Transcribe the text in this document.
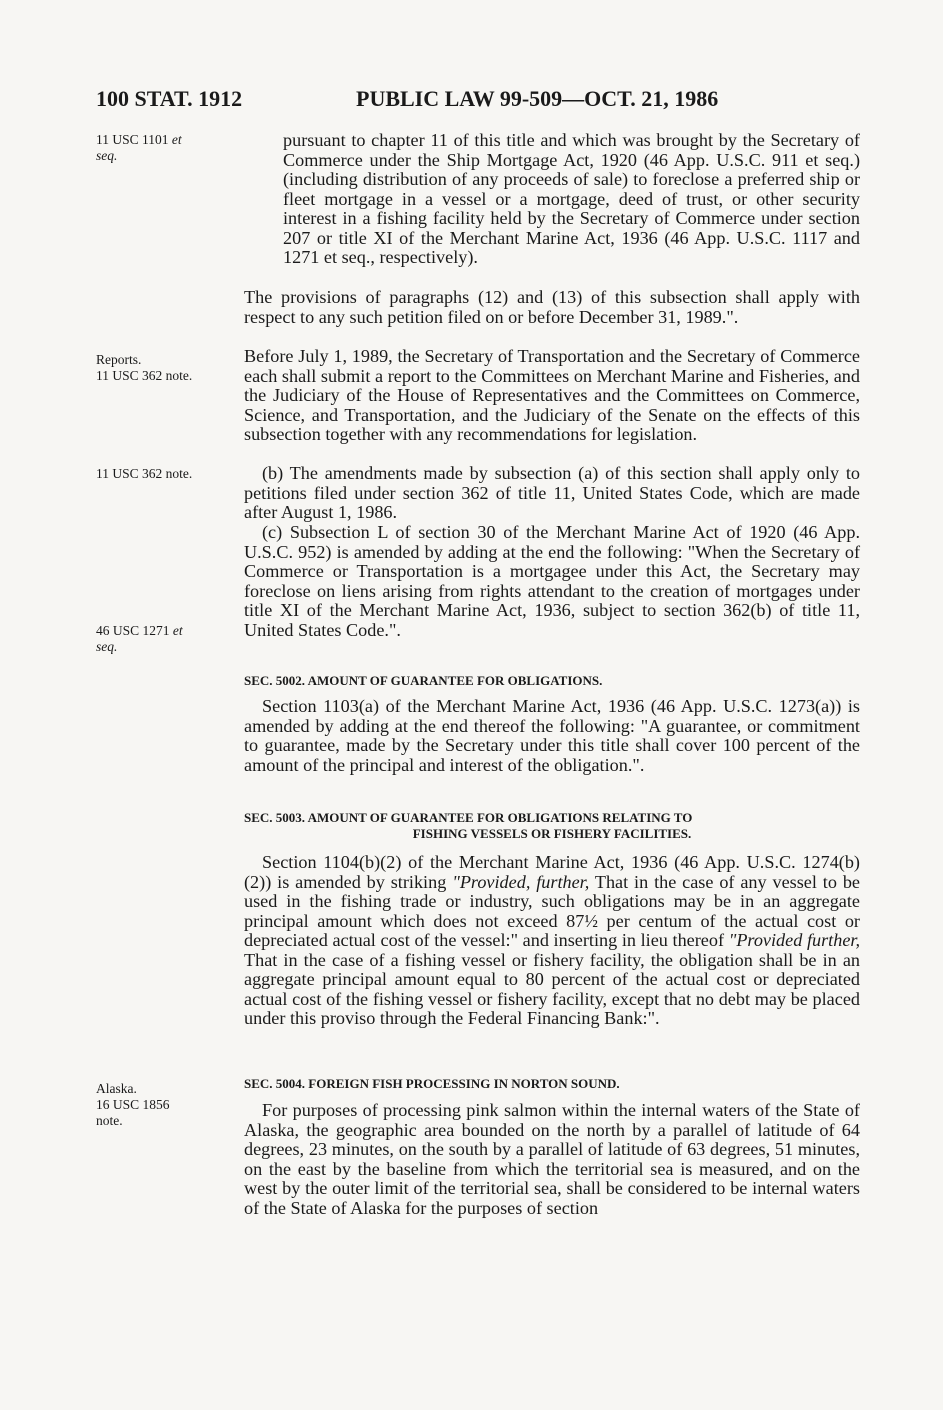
100 STAT. 1912	PUBLIC LAW 99-509—OCT. 21, 1986
11 USC 1101 et
seq.
Reports.
11 USC 362 note.
11 USC 362 note.
46 USC 1271 et
seq.
Alaska.
16 USC 1856
note.

pursuant to chapter 11 of this title and which was brought by the Secretary of Commerce under the Ship Mortgage Act, 1920 (46 App. U.S.C. 911 et seq.) (including distribution of any proceeds of sale) to foreclose a preferred ship or fleet mortgage in a vessel or a mortgage, deed of trust, or other security interest in a fishing facility held by the Secretary of Commerce under section 207 or title XI of the Merchant Marine Act, 1936 (46 App. U.S.C. 1117 and 1271 et seq., respectively).

The provisions of paragraphs (12) and (13) of this subsection shall apply with respect to any such petition filed on or before December 31, 1989.".

Before July 1, 1989, the Secretary of Transportation and the Secretary of Commerce each shall submit a report to the Committees on Merchant Marine and Fisheries, and the Judiciary of the House of Representatives and the Committees on Commerce, Science, and Transportation, and the Judiciary of the Senate on the effects of this subsection together with any recommendations for legislation.

(b) The amendments made by subsection (a) of this section shall apply only to petitions filed under section 362 of title 11, United States Code, which are made after August 1, 1986.

(c) Subsection L of section 30 of the Merchant Marine Act of 1920 (46 App. U.S.C. 952) is amended by adding at the end the following: "When the Secretary of Commerce or Transportation is a mortgagee under this Act, the Secretary may foreclose on liens arising from rights attendant to the creation of mortgages under title XI of the Merchant Marine Act, 1936, subject to section 362(b) of title 11, United States Code.".

SEC. 5002. AMOUNT OF GUARANTEE FOR OBLIGATIONS.

Section 1103(a) of the Merchant Marine Act, 1936 (46 App. U.S.C. 1273(a)) is amended by adding at the end thereof the following: "A guarantee, or commitment to guarantee, made by the Secretary under this title shall cover 100 percent of the amount of the principal and interest of the obligation.".

SEC. 5003. AMOUNT OF GUARANTEE FOR OBLIGATIONS RELATING TO
FISHING VESSELS OR FISHERY FACILITIES.

Section 1104(b)(2) of the Merchant Marine Act, 1936 (46 App. U.S.C. 1274(b)(2)) is amended by striking "Provided, further, That in the case of any vessel to be used in the fishing trade or industry, such obligations may be in an aggregate principal amount which does not exceed 87½ per centum of the actual cost or depreciated actual cost of the vessel:" and inserting in lieu thereof "Provided further, That in the case of a fishing vessel or fishery facility, the obligation shall be in an aggregate principal amount equal to 80 percent of the actual cost or depreciated actual cost of the fishing vessel or fishery facility, except that no debt may be placed under this proviso through the Federal Financing Bank:".

SEC. 5004. FOREIGN FISH PROCESSING IN NORTON SOUND.

For purposes of processing pink salmon within the internal waters of the State of Alaska, the geographic area bounded on the north by a parallel of latitude of 64 degrees, 23 minutes, on the south by a parallel of latitude of 63 degrees, 51 minutes, on the east by the baseline from which the territorial sea is measured, and on the west by the outer limit of the territorial sea, shall be considered to be internal waters of the State of Alaska for the purposes of section
